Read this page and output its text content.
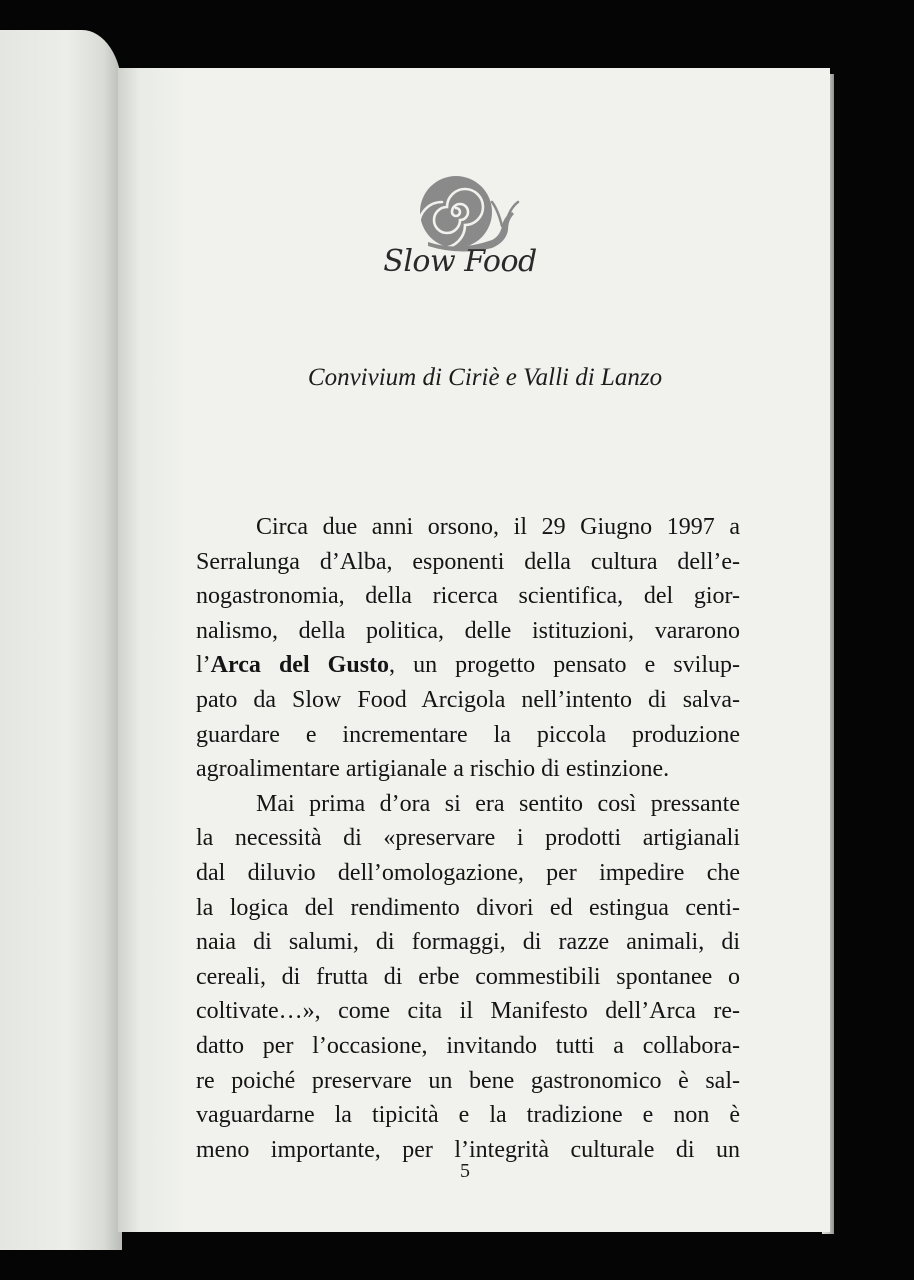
Slow Food
Convivium di Ciriè e Valli di Lanzo
Circa due anni orsono, il 29 Giugno 1997 a
Serralunga d’Alba, esponenti della cultura dell’e-
nogastronomia, della ricerca scientifica, del gior-
nalismo, della politica, delle istituzioni, vararono
l’Arca del Gusto, un progetto pensato e svilup-
pato da Slow Food Arcigola nell’intento di salva-
guardare e incrementare la piccola produzione
agroalimentare artigianale a rischio di estinzione.
Mai prima d’ora si era sentito così pressante
la necessità di «preservare i prodotti artigianali
dal diluvio dell’omologazione, per impedire che
la logica del rendimento divori ed estingua centi-
naia di salumi, di formaggi, di razze animali, di
cereali, di frutta di erbe commestibili spontanee o
coltivate…», come cita il Manifesto dell’Arca re-
datto per l’occasione, invitando tutti a collabora-
re poiché preservare un bene gastronomico è sal-
vaguardarne la tipicità e la tradizione e non è
meno importante, per l’integrità culturale di un
5
